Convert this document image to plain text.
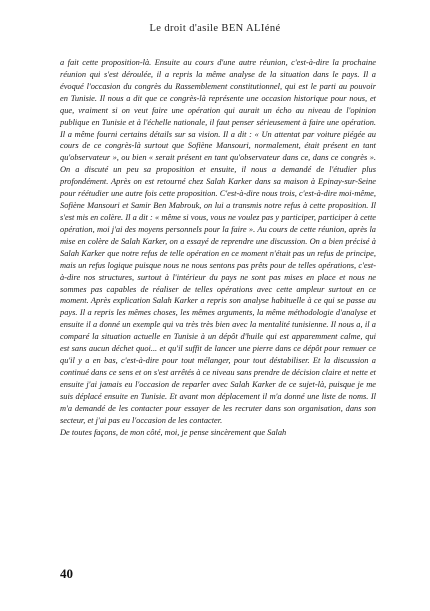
Le droit d'asile BEN ALIéné

a fait cette proposition-là. Ensuite au cours d'une autre réunion, c'est-à-dire la prochaine réunion qui s'est déroulée, il a repris la même analyse de la situation dans le pays. Il a évoqué l'occasion du congrès du Rassemblement constitutionnel, qui est le parti au pouvoir en Tunisie. Il nous a dit que ce congrès-là représente une occasion historique pour nous, et que, vraiment si on veut faire une opération qui aurait un écho au niveau de l'opinion publique en Tunisie et à l'échelle nationale, il faut penser sérieusement à faire une opération. Il a même fourni certains détails sur sa vision. Il a dit : « Un attentat par voiture piégée au cours de ce congrès-là surtout que Sofiène Mansouri, normalement, était présent en tant qu'observateur », ou bien « serait présent en tant qu'observateur dans ce, dans ce congrès ». On a discuté un peu sa proposition et ensuite, il nous a demandé de l'étudier plus profondément. Après on est retourné chez Salah Karker dans sa maison à Epinay-sur-Seine pour réétudier une autre fois cette proposition. C'est-à-dire nous trois, c'est-à-dire moi-même, Sofiène Mansouri et Samir Ben Mabrouk, on lui a transmis notre refus à cette proposition. Il s'est mis en colère. Il a dit : « même si vous, vous ne voulez pas y participer, participer à cette opération, moi j'ai des moyens personnels pour la faire ». Au cours de cette réunion, après la mise en colère de Salah Karker, on a essayé de reprendre une discussion. On a bien précisé à Salah Karker que notre refus de telle opération en ce moment n'était pas un refus de principe, mais un refus logique puisque nous ne nous sentons pas prêts pour de telles opérations, c'est-à-dire nos structures, surtout à l'intérieur du pays ne sont pas mises en place et nous ne sommes pas capables de réaliser de telles opérations avec cette ampleur surtout en ce moment. Après explication Salah Karker a repris son analyse habituelle à ce qui se passe au pays. Il a repris les mêmes choses, les mêmes arguments, la même méthodologie d'analyse et ensuite il a donné un exemple qui va très très bien avec la mentalité tunisienne. Il nous a, il a comparé la situation actuelle en Tunisie à un dépôt d'huile qui est apparemment calme, qui est sans aucun déchet quoi... et qu'il suffit de lancer une pierre dans ce dépôt pour remuer ce qu'il y a en bas, c'est-à-dire pour tout mélanger, pour tout déstabiliser. Et la discussion a continué dans ce sens et on s'est arrêtés à ce niveau sans prendre de décision claire et nette et ensuite j'ai jamais eu l'occasion de reparler avec Salah Karker de ce sujet-là, puisque je me suis déplacé ensuite en Tunisie. Et avant mon déplacement il m'a donné une liste de noms. Il m'a demandé de les contacter pour essayer de les recruter dans son organisation, dans son secteur, et j'ai pas eu l'occasion de les contacter.

De toutes façons, de mon côté, moi, je pense sincèrement que Salah

40
